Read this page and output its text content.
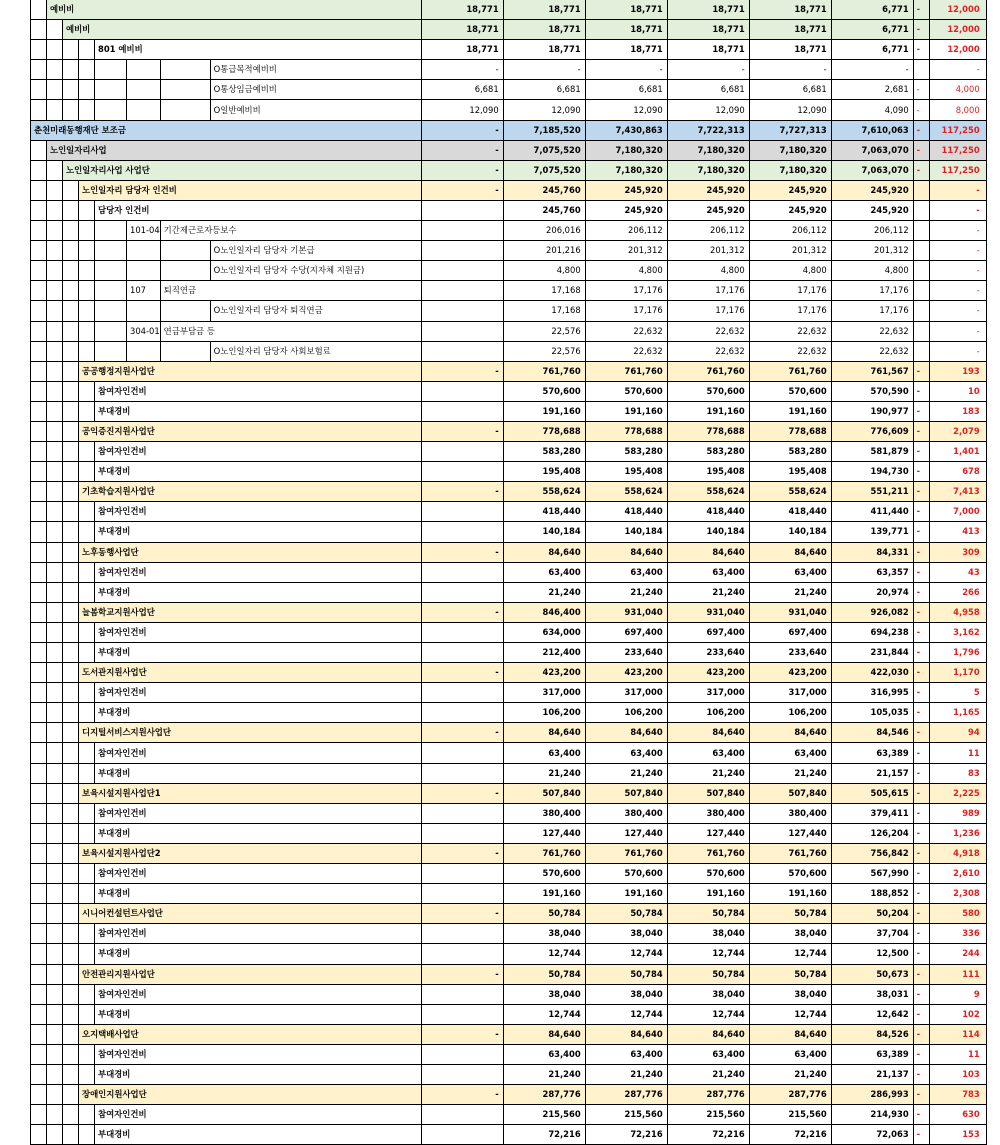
	예비비							18,771	18,771	18,771	18,771	18,771	6,771	-	12,000
		예비비						18,771	18,771	18,771	18,771	18,771	6,771	-	12,000
				801 예비비				18,771	18,771	18,771	18,771	18,771	6,771	-	12,000
							O통급목적예비비	-	-	-	-	-	-		-
							O통상임금예비비	6,681	6,681	6,681	6,681	6,681	2,681	-	4,000
							O일반예비비	12,090	12,090	12,090	12,090	12,090	4,090	-	8,000
춘천미래동행재단 보조금								-	7,185,520	7,430,863	7,722,313	7,727,313	7,610,063	-	117,250
	노인일자리사업							-	7,075,520	7,180,320	7,180,320	7,180,320	7,063,070	-	117,250
		노인일자리사업 사업단						-	7,075,520	7,180,320	7,180,320	7,180,320	7,063,070	-	117,250
			노인일자리 담당자 인건비					-	245,760	245,920	245,920	245,920	245,920		-
				담당자 인건비					245,760	245,920	245,920	245,920	245,920		-
					101-04	기간제근로자등보수			206,016	206,112	206,112	206,112	206,112		-
							O노인일자리 담당자 기본급		201,216	201,312	201,312	201,312	201,312		-
							O노인일자리 담당자 수당(지자체 지원금)		4,800	4,800	4,800	4,800	4,800		-
					107	퇴직연금			17,168	17,176	17,176	17,176	17,176		-
							O노인일자리 담당자 퇴직연금		17,168	17,176	17,176	17,176	17,176		-
					304-01	연금부담금 등			22,576	22,632	22,632	22,632	22,632		-
							O노인일자리 담당자 사회보험료		22,576	22,632	22,632	22,632	22,632		-
			공공행정지원사업단					-	761,760	761,760	761,760	761,760	761,567	-	193
				참여자인건비					570,600	570,600	570,600	570,600	570,590	-	10
				부대경비					191,160	191,160	191,160	191,160	190,977	-	183
			공익증진지원사업단					-	778,688	778,688	778,688	778,688	776,609	-	2,079
				참여자인건비					583,280	583,280	583,280	583,280	581,879	-	1,401
				부대경비					195,408	195,408	195,408	195,408	194,730	-	678
			기초학습지원사업단					-	558,624	558,624	558,624	558,624	551,211	-	7,413
				참여자인건비					418,440	418,440	418,440	418,440	411,440	-	7,000
				부대경비					140,184	140,184	140,184	140,184	139,771	-	413
			노후동행사업단					-	84,640	84,640	84,640	84,640	84,331	-	309
				참여자인건비					63,400	63,400	63,400	63,400	63,357	-	43
				부대경비					21,240	21,240	21,240	21,240	20,974	-	266
			늘봄학교지원사업단					-	846,400	931,040	931,040	931,040	926,082	-	4,958
				참여자인건비					634,000	697,400	697,400	697,400	694,238	-	3,162
				부대경비					212,400	233,640	233,640	233,640	231,844	-	1,796
			도서관지원사업단					-	423,200	423,200	423,200	423,200	422,030	-	1,170
				참여자인건비					317,000	317,000	317,000	317,000	316,995	-	5
				부대경비					106,200	106,200	106,200	106,200	105,035	-	1,165
			디지털서비스지원사업단					-	84,640	84,640	84,640	84,640	84,546	-	94
				참여자인건비					63,400	63,400	63,400	63,400	63,389	-	11
				부대경비					21,240	21,240	21,240	21,240	21,157	-	83
			보육시설지원사업단1					-	507,840	507,840	507,840	507,840	505,615	-	2,225
				참여자인건비					380,400	380,400	380,400	380,400	379,411	-	989
				부대경비					127,440	127,440	127,440	127,440	126,204	-	1,236
			보육시설지원사업단2					-	761,760	761,760	761,760	761,760	756,842	-	4,918
				참여자인건비					570,600	570,600	570,600	570,600	567,990	-	2,610
				부대경비					191,160	191,160	191,160	191,160	188,852	-	2,308
			시니어컨설턴트사업단					-	50,784	50,784	50,784	50,784	50,204	-	580
				참여자인건비					38,040	38,040	38,040	38,040	37,704	-	336
				부대경비					12,744	12,744	12,744	12,744	12,500	-	244
			안전관리지원사업단					-	50,784	50,784	50,784	50,784	50,673	-	111
				참여자인건비					38,040	38,040	38,040	38,040	38,031	-	9
				부대경비					12,744	12,744	12,744	12,744	12,642	-	102
			오지택배사업단					-	84,640	84,640	84,640	84,640	84,526	-	114
				참여자인건비					63,400	63,400	63,400	63,400	63,389	-	11
				부대경비					21,240	21,240	21,240	21,240	21,137	-	103
			장애인지원사업단					-	287,776	287,776	287,776	287,776	286,993	-	783
				참여자인건비					215,560	215,560	215,560	215,560	214,930	-	630
				부대경비					72,216	72,216	72,216	72,216	72,063	-	153
